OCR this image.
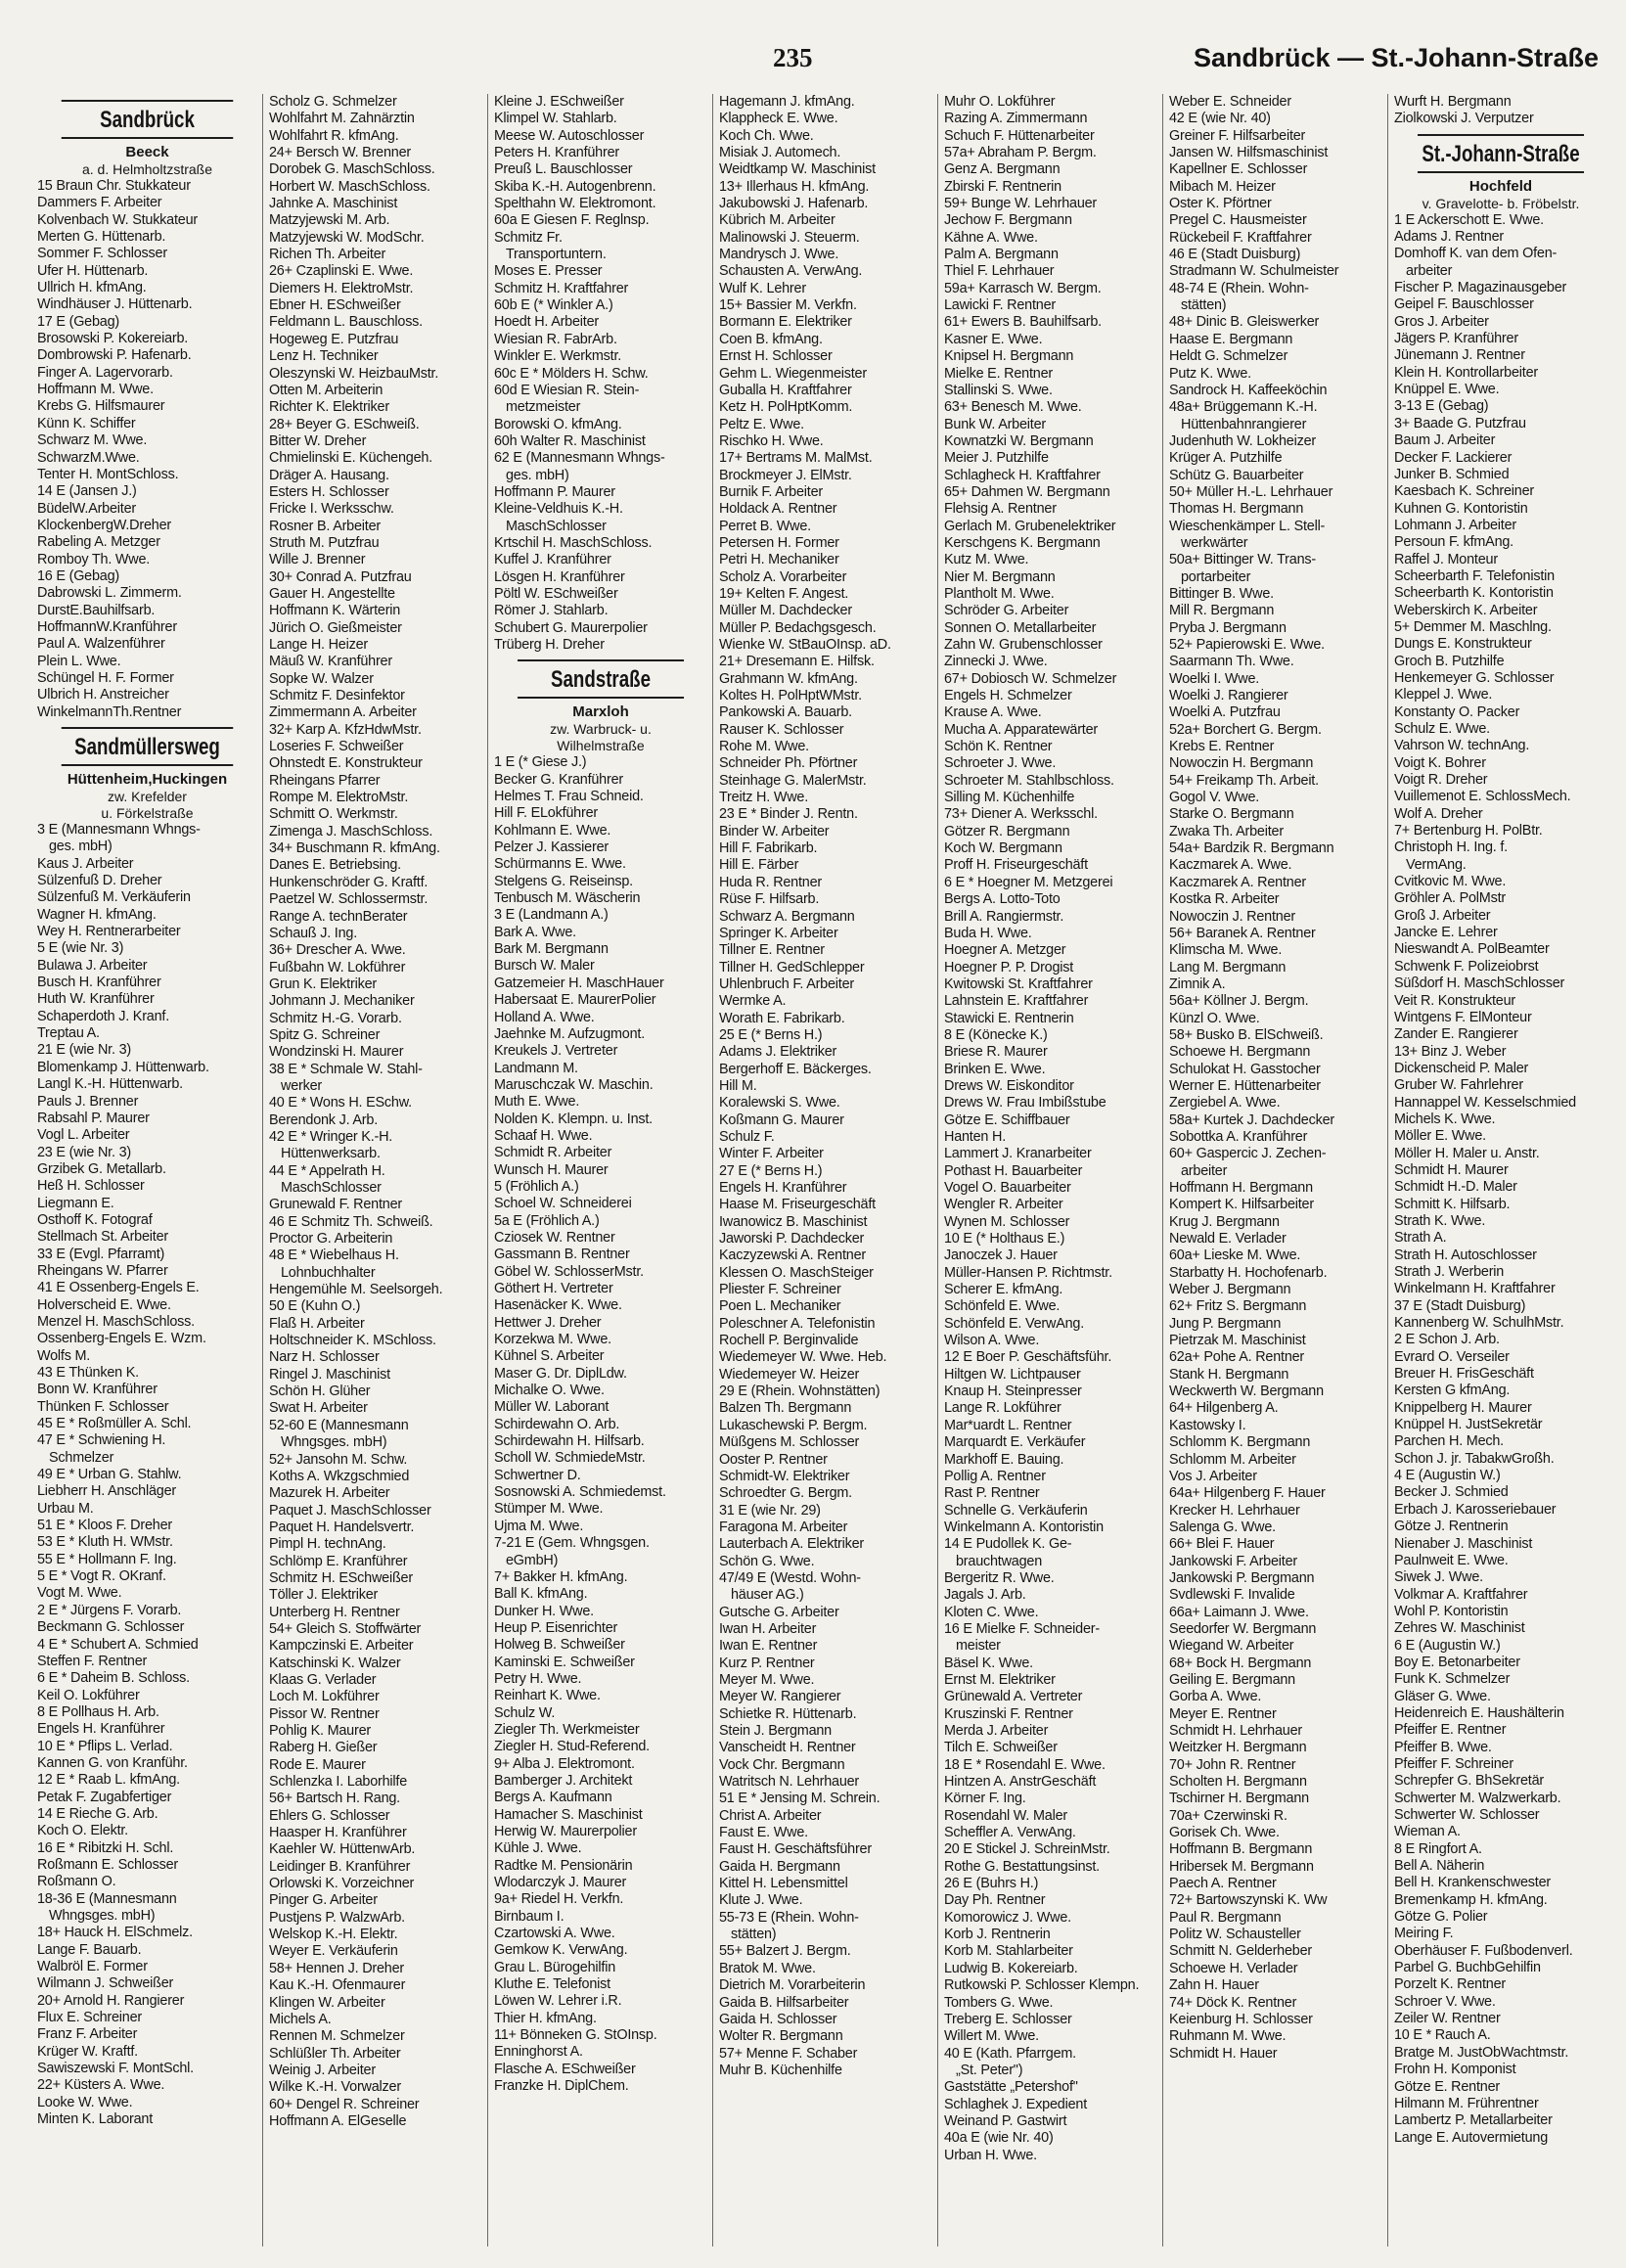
235	Sandbrück — St.-Johann-Straße
Sandbrück
Beeck
a. d. Helmholtzstraße
15 Braun Chr. Stukkateur
Dammers F. Arbeiter
Kolvenbach W. Stukkateur
Merten G. Hüttenarb.
Sommer F. Schlosser
Ufer H. Hüttenarb.
Ullrich H. kfmAng.
Windhäuser J. Hüttenarb.
17 E (Gebag)
Brosowski P. Kokereiarb.
Dombrowski P. Hafenarb.
Finger A. Lagervorarb.
Hoffmann M. Wwe.
Krebs G. Hilfsmaurer
Künn K. Schiffer
Schwarz M. Wwe.
SchwarzM.Wwe.
Tenter H. MontSchloss.
14 E (Jansen J.)
BüdelW.Arbeiter
KlockenbergW.Dreher
Rabeling A. Metzger
Romboy Th. Wwe.
16 E (Gebag)
Dabrowski L. Zimmerm.
DurstE.Bauhilfsarb.
HoffmannW.Kranführer
Paul A. Walzenführer
Plein L. Wwe.
Schüngel H. F. Former
Ulbrich H. Anstreicher
WinkelmannTh.Rentner
Sandmüllersweg
Hüttenheim,Huckingen
zw. Krefelder
u. Förkelstraße
3 E (Mannesmann Whngs-
ges. mbH)
Kaus J. Arbeiter
Sülzenfuß D. Dreher
Sülzenfuß M. Verkäuferin
Wagner H. kfmAng.
Wey H. Rentnerarbeiter
5 E (wie Nr. 3)
Bulawa J. Arbeiter
Busch H. Kranführer
Huth W. Kranführer
Schaperdoth J. Kranf.
Treptau A.
21 E (wie Nr. 3)
Blomenkamp J. Hüttenwarb.
Langl K.-H. Hüttenwarb.
Pauls J. Brenner
Rabsahl P. Maurer
Vogl L. Arbeiter
23 E (wie Nr. 3)
Grzibek G. Metallarb.
Heß H. Schlosser
Liegmann E.
Osthoff K. Fotograf
Stellmach St. Arbeiter
33 E (Evgl. Pfarramt)
Rheingans W. Pfarrer
41 E Ossenberg-Engels E.
Holverscheid E. Wwe.
Menzel H. MaschSchloss.
Ossenberg-Engels E. Wzm.
Wolfs M.
43 E Thünken K.
Bonn W. Kranführer
Thünken F. Schlosser
45 E * Roßmüller A. Schl.
47 E * Schwiening H.
Schmelzer
49 E * Urban G. Stahlw.
Liebherr H. Anschläger
Urbau M.
51 E * Kloos F. Dreher
53 E * Kluth H. WMstr.
55 E * Hollmann F. Ing.
5 E * Vogt R. OKranf.
Vogt M. Wwe.
2 E * Jürgens F. Vorarb.
Beckmann G. Schlosser
4 E * Schubert A. Schmied
Steffen F. Rentner
6 E * Daheim B. Schloss.
Keil O. Lokführer
8 E Pollhaus H. Arb.
Engels H. Kranführer
10 E * Pflips L. Verlad.
Kannen G. von Kranführ.
12 E * Raab L. kfmAng.
Petak F. Zugabfertiger
14 E Rieche G. Arb.
Koch O. Elektr.
16 E * Ribitzki H. Schl.
Roßmann E. Schlosser
Roßmann O.
18-36 E (Mannesmann
Whngsges. mbH)
18+ Hauck H. ElSchmelz.
Lange F. Bauarb.
Walbröl E. Former
Wilmann J. Schweißer
20+ Arnold H. Rangierer
Flux E. Schreiner
Franz F. Arbeiter
Krüger W. Kraftf.
Sawiszewski F. MontSchl.
22+ Küsters A. Wwe.
Looke W. Wwe.
Minten K. Laborant
Scholz G. Schmelzer
Wohlfahrt M. Zahnärztin
Wohlfahrt R. kfmAng.
24+ Bersch W. Brenner
Dorobek G. MaschSchloss.
Horbert W. MaschSchloss.
Jahnke A. Maschinist
Matzyjewski M. Arb.
Matzyjewski W. ModSchr.
Richen Th. Arbeiter
26+ Czaplinski E. Wwe.
Diemers H. ElektroMstr.
Ebner H. ESchweißer
Feldmann L. Bauschloss.
Hogeweg E. Putzfrau
Lenz H. Techniker
Oleszynski W. HeizbauMstr.
Otten M. Arbeiterin
Richter K. Elektriker
28+ Beyer G. ESchweiß.
Bitter W. Dreher
Chmielinski E. Küchengeh.
Dräger A. Hausang.
Esters H. Schlosser
Fricke I. Werksschw.
Rosner B. Arbeiter
Struth M. Putzfrau
Wille J. Brenner
30+ Conrad A. Putzfrau
Gauer H. Angestellte
Hoffmann K. Wärterin
Jürich O. Gießmeister
Lange H. Heizer
Mäuß W. Kranführer
Sopke W. Walzer
Schmitz F. Desinfektor
Zimmermann A. Arbeiter
32+ Karp A. KfzHdwMstr.
Loseries F. Schweißer
Ohnstedt E. Konstrukteur
Rheingans Pfarrer
Rompe M. ElektroMstr.
Schmitt O. Werkmstr.
Zimenga J. MaschSchloss.
34+ Buschmann R. kfmAng.
Danes E. Betriebsing.
Hunkenschröder G. Kraftf.
Paetzel W. Schlossermstr.
Range A. technBerater
Schauß J. Ing.
36+ Drescher A. Wwe.
Fußbahn W. Lokführer
Grun K. Elektriker
Johmann J. Mechaniker
Schmitz H.-G. Vorarb.
Spitz G. Schreiner
Wondzinski H. Maurer
38 E * Schmale W. Stahl-
werker
40 E * Wons H. ESchw.
Berendonk J. Arb.
42 E * Wringer K.-H.
Hüttenwerksarb.
44 E * Appelrath H.
MaschSchlosser
Grunewald F. Rentner
46 E Schmitz Th. Schweiß.
Proctor G. Arbeiterin
48 E * Wiebelhaus H.
Lohnbuchhalter
Hengemühle M. Seelsorgeh.
50 E (Kuhn O.)
Flaß H. Arbeiter
Holtschneider K. MSchloss.
Narz H. Schlosser
Ringel J. Maschinist
Schön H. Glüher
Swat H. Arbeiter
52-60 E (Mannesmann
Whngsges. mbH)
52+ Jansohn M. Schw.
Koths A. Wkzgschmied
Mazurek H. Arbeiter
Paquet J. MaschSchlosser
Paquet H. Handelsvertr.
Pimpl H. technAng.
Schlömp E. Kranführer
Schmitz H. ESchweißer
Töller J. Elektriker
Unterberg H. Rentner
54+ Gleich S. Stoffwärter
Kampczinski E. Arbeiter
Katschinski K. Walzer
Klaas G. Verlader
Loch M. Lokführer
Pissor W. Rentner
Pohlig K. Maurer
Raberg H. Gießer
Rode E. Maurer
Schlenzka I. Laborhilfe
56+ Bartsch H. Rang.
Ehlers G. Schlosser
Haasper H. Kranführer
Kaehler W. HüttenwArb.
Leidinger B. Kranführer
Orlowski K. Vorzeichner
Pinger G. Arbeiter
Pustjens P. WalzwArb.
Welskop K.-H. Elektr.
Weyer E. Verkäuferin
58+ Hennen J. Dreher
Kau K.-H. Ofenmaurer
Klingen W. Arbeiter
Michels A.
Rennen M. Schmelzer
Schlüßler Th. Arbeiter
Weinig J. Arbeiter
Wilke K.-H. Vorwalzer
60+ Dengel R. Schreiner
Hoffmann A. ElGeselle
Kleine J. ESchweißer
Klimpel W. Stahlarb.
Meese W. Autoschlosser
Peters H. Kranführer
Preuß L. Bauschlosser
Skiba K.-H. Autogenbrenn.
Spelthahn W. Elektromont.
60a E Giesen F. Reglnsp.
Schmitz Fr.
Transportuntern.
Moses E. Presser
Schmitz H. Kraftfahrer
60b E (* Winkler A.)
Hoedt H. Arbeiter
Wiesian R. FabrArb.
Winkler E. Werkmstr.
60c E * Mölders H. Schw.
60d E Wiesian R. Stein-
metzmeister
Borowski O. kfmAng.
60h Walter R. Maschinist
62 E (Mannesmann Whngs-
ges. mbH)
Hoffmann P. Maurer
Kleine-Veldhuis K.-H.
MaschSchlosser
Krtschil H. MaschSchloss.
Kuffel J. Kranführer
Lösgen H. Kranführer
Pöltl W. ESchweißer
Römer J. Stahlarb.
Schubert G. Maurerpolier
Trüberg H. Dreher
Sandstraße
Marxloh
zw. Warbruck- u.
Wilhelmstraße
1 E (* Giese J.)
Becker G. Kranführer
Helmes T. Frau Schneid.
Hill F. ELokführer
Kohlmann E. Wwe.
Pelzer J. Kassierer
Schürmanns E. Wwe.
Stelgens G. Reiseinsp.
Tenbusch M. Wäscherin
3 E (Landmann A.)
Bark A. Wwe.
Bark M. Bergmann
Bursch W. Maler
Gatzemeier H. MaschHauer
Habersaat E. MaurerPolier
Holland A. Wwe.
Jaehnke M. Aufzugmont.
Kreukels J. Vertreter
Landmann M.
Maruschczak W. Maschin.
Muth E. Wwe.
Nolden K. Klempn. u. Inst.
Schaaf H. Wwe.
Schmidt R. Arbeiter
Wunsch H. Maurer
5 (Fröhlich A.)
Schoel W. Schneiderei
5a E (Fröhlich A.)
Cziosek W. Rentner
Gassmann B. Rentner
Göbel W. SchlosserMstr.
Göthert H. Vertreter
Hasenäcker K. Wwe.
Hettwer J. Dreher
Korzekwa M. Wwe.
Kühnel S. Arbeiter
Maser G. Dr. DiplLdw.
Michalke O. Wwe.
Müller W. Laborant
Schirdewahn O. Arb.
Schirdewahn H. Hilfsarb.
Scholl W. SchmiedeMstr.
Schwertner D.
Sosnowski A. Schmiedemst.
Stümper M. Wwe.
Ujma M. Wwe.
7-21 E (Gem. Whngsgen.
eGmbH)
7+ Bakker H. kfmAng.
Ball K. kfmAng.
Dunker H. Wwe.
Heup P. Eisenrichter
Holweg B. Schweißer
Kaminski E. Schweißer
Petry H. Wwe.
Reinhart K. Wwe.
Schulz W.
Ziegler Th. Werkmeister
Ziegler H. Stud-Referend.
9+ Alba J. Elektromont.
Bamberger J. Architekt
Bergs A. Kaufmann
Hamacher S. Maschinist
Herwig W. Maurerpolier
Kühle J. Wwe.
Radtke M. Pensionärin
Wlodarczyk J. Maurer
9a+ Riedel H. Verkfn.
Birnbaum I.
Czartowski A. Wwe.
Gemkow K. VerwAng.
Grau L. Bürogehilfin
Kluthe E. Telefonist
Löwen W. Lehrer i.R.
Thier H. kfmAng.
11+ Bönneken G. StOInsp.
Enninghorst A.
Flasche A. ESchweißer
Franzke H. DiplChem.
Hagemann J. kfmAng.
Klappheck E. Wwe.
Koch Ch. Wwe.
Misiak J. Automech.
Weidtkamp W. Maschinist
13+ Illerhaus H. kfmAng.
Jakubowski J. Hafenarb.
Kübrich M. Arbeiter
Malinowski J. Steuerm.
Mandrysch J. Wwe.
Schausten A. VerwAng.
Wulf K. Lehrer
15+ Bassier M. Verkfn.
Bormann E. Elektriker
Coen B. kfmAng.
Ernst H. Schlosser
Gehm L. Wiegenmeister
Guballa H. Kraftfahrer
Ketz H. PolHptKomm.
Peltz E. Wwe.
Rischko H. Wwe.
17+ Bertrams M. MalMst.
Brockmeyer J. ElMstr.
Burnik F. Arbeiter
Holdack A. Rentner
Perret B. Wwe.
Petersen H. Former
Petri H. Mechaniker
Scholz A. Vorarbeiter
19+ Kelten F. Angest.
Müller M. Dachdecker
Müller P. Bedachgsgesch.
Wienke W. StBauOInsp. aD.
21+ Dresemann E. Hilfsk.
Grahmann W. kfmAng.
Koltes H. PolHptWMstr.
Pankowski A. Bauarb.
Rauser K. Schlosser
Rohe M. Wwe.
Schneider Ph. Pförtner
Steinhage G. MalerMstr.
Treitz H. Wwe.
23 E * Binder J. Rentn.
Binder W. Arbeiter
Hill F. Fabrikarb.
Hill E. Färber
Huda R. Rentner
Rüse F. Hilfsarb.
Schwarz A. Bergmann
Springer K. Arbeiter
Tillner E. Rentner
Tillner H. GedSchlepper
Uhlenbruch F. Arbeiter
Wermke A.
Worath E. Fabrikarb.
25 E (* Berns H.)
Adams J. Elektriker
Bergerhoff E. Bäckerges.
Hill M.
Koralewski S. Wwe.
Koßmann G. Maurer
Schulz F.
Winter F. Arbeiter
27 E (* Berns H.)
Engels H. Kranführer
Haase M. Friseurgeschäft
Iwanowicz B. Maschinist
Jaworski P. Dachdecker
Kaczyzewski A. Rentner
Klessen O. MaschSteiger
Pliester F. Schreiner
Poen L. Mechaniker
Poleschner A. Telefonistin
Rochell P. Berginvalide
Wiedemeyer W. Wwe. Heb.
Wiedemeyer W. Heizer
29 E (Rhein. Wohnstätten)
Balzen Th. Bergmann
Lukaschewski P. Bergm.
Müßgens M. Schlosser
Ooster P. Rentner
Schmidt-W. Elektriker
Schroedter G. Bergm.
31 E (wie Nr. 29)
Faragona M. Arbeiter
Lauterbach A. Elektriker
Schön G. Wwe.
47/49 E (Westd. Wohn-
häuser AG.)
Gutsche G. Arbeiter
Iwan H. Arbeiter
Iwan E. Rentner
Kurz P. Rentner
Meyer M. Wwe.
Meyer W. Rangierer
Schietke R. Hüttenarb.
Stein J. Bergmann
Vanscheidt H. Rentner
Vock Chr. Bergmann
Watritsch N. Lehrhauer
51 E * Jensing M. Schrein.
Christ A. Arbeiter
Faust E. Wwe.
Faust H. Geschäftsführer
Gaida H. Bergmann
Kittel H. Lebensmittel
Klute J. Wwe.
55-73 E (Rhein. Wohn-
stätten)
55+ Balzert J. Bergm.
Bratok M. Wwe.
Dietrich M. Vorarbeiterin
Gaida B. Hilfsarbeiter
Gaida H. Schlosser
Wolter R. Bergmann
57+ Menne F. Schaber
Muhr B. Küchenhilfe
Muhr O. Lokführer
Razing A. Zimmermann
Schuch F. Hüttenarbeiter
57a+ Abraham P. Bergm.
Genz A. Bergmann
Zbirski F. Rentnerin
59+ Bunge W. Lehrhauer
Jechow F. Bergmann
Kähne A. Wwe.
Palm A. Bergmann
Thiel F. Lehrhauer
59a+ Karrasch W. Bergm.
Lawicki F. Rentner
61+ Ewers B. Bauhilfsarb.
Kasner E. Wwe.
Knipsel H. Bergmann
Mielke E. Rentner
Stallinski S. Wwe.
63+ Benesch M. Wwe.
Bunk W. Arbeiter
Kownatzki W. Bergmann
Meier J. Putzhilfe
Schlagheck H. Kraftfahrer
65+ Dahmen W. Bergmann
Flehsig A. Rentner
Gerlach M. Grubenelektriker
Kerschgens K. Bergmann
Kutz M. Wwe.
Nier M. Bergmann
Plantholt M. Wwe.
Schröder G. Arbeiter
Sonnen O. Metallarbeiter
Zahn W. Grubenschlosser
Zinnecki J. Wwe.
67+ Dobiosch W. Schmelzer
Engels H. Schmelzer
Krause A. Wwe.
Mucha A. Apparatewärter
Schön K. Rentner
Schroeter J. Wwe.
Schroeter M. Stahlbschloss.
Silling M. Küchenhilfe
73+ Diener A. Werksschl.
Götzer R. Bergmann
Koch W. Bergmann
Proff H. Friseurgeschäft
6 E * Hoegner M. Metzgerei
Bergs A. Lotto-Toto
Brill A. Rangiermstr.
Buda H. Wwe.
Hoegner A. Metzger
Hoegner P. P. Drogist
Kwitowski St. Kraftfahrer
Lahnstein E. Kraftfahrer
Stawicki E. Rentnerin
8 E (Könecke K.)
Briese R. Maurer
Brinken E. Wwe.
Drews W. Eiskonditor
Drews W. Frau Imbißstube
Götze E. Schiffbauer
Hanten H.
Lammert J. Kranarbeiter
Pothast H. Bauarbeiter
Vogel O. Bauarbeiter
Wengler R. Arbeiter
Wynen M. Schlosser
10 E (* Holthaus E.)
Janoczek J. Hauer
Müller-Hansen P. Richtmstr.
Scherer E. kfmAng.
Schönfeld E. Wwe.
Schönfeld E. VerwAng.
Wilson A. Wwe.
12 E Boer P. Geschäftsführ.
Hiltgen W. Lichtpauser
Knaup H. Steinpresser
Lange R. Lokführer
Mar*uardt L. Rentner
Marquardt E. Verkäufer
Markhoff E. Bauing.
Pollig A. Rentner
Rast P. Rentner
Schnelle G. Verkäuferin
Winkelmann A. Kontoristin
14 E Pudollek K. Ge-
brauchtwagen
Bergeritz R. Wwe.
Jagals J. Arb.
Kloten C. Wwe.
16 E Mielke F. Schneider-
meister
Bäsel K. Wwe.
Ernst M. Elektriker
Grünewald A. Vertreter
Kruszinski F. Rentner
Merda J. Arbeiter
Tilch E. Schweißer
18 E * Rosendahl E. Wwe.
Hintzen A. AnstrGeschäft
Körner F. Ing.
Rosendahl W. Maler
Scheffler A. VerwAng.
20 E Stickel J. SchreinMstr.
Rothe G. Bestattungsinst.
26 E (Buhrs H.)
Day Ph. Rentner
Komorowicz J. Wwe.
Korb J. Rentnerin
Korb M. Stahlarbeiter
Ludwig B. Kokereiarb.
Rutkowski P. Schlosser Klempn.
Tombers G. Wwe.
Treberg E. Schlosser
Willert M. Wwe.
40 E (Kath. Pfarrgem.
„St. Peter")
Gaststätte „Petershof"
Schlaghek J. Expedient
Weinand P. Gastwirt
40a E (wie Nr. 40)
Urban H. Wwe.
Weber E. Schneider
42 E (wie Nr. 40)
Greiner F. Hilfsarbeiter
Jansen W. Hilfsmaschinist
Kapellner E. Schlosser
Mibach M. Heizer
Oster K. Pförtner
Pregel C. Hausmeister
Rückebeil F. Kraftfahrer
46 E (Stadt Duisburg)
Stradmann W. Schulmeister
48-74 E (Rhein. Wohn-
stätten)
48+ Dinic B. Gleiswerker
Haase E. Bergmann
Heldt G. Schmelzer
Putz K. Wwe.
Sandrock H. Kaffeeköchin
48a+ Brüggemann K.-H.
Hüttenbahnrangierer
Judenhuth W. Lokheizer
Krüger A. Putzhilfe
Schütz G. Bauarbeiter
50+ Müller H.-L. Lehrhauer
Thomas H. Bergmann
Wieschenkämper L. Stell-
werkwärter
50a+ Bittinger W. Trans-
portarbeiter
Bittinger B. Wwe.
Mill R. Bergmann
Pryba J. Bergmann
52+ Papierowski E. Wwe.
Saarmann Th. Wwe.
Woelki I. Wwe.
Woelki J. Rangierer
Woelki A. Putzfrau
52a+ Borchert G. Bergm.
Krebs E. Rentner
Nowoczin H. Bergmann
54+ Freikamp Th. Arbeit.
Gogol V. Wwe.
Starke O. Bergmann
Zwaka Th. Arbeiter
54a+ Bardzik R. Bergmann
Kaczmarek A. Wwe.
Kaczmarek A. Rentner
Kostka R. Arbeiter
Nowoczin J. Rentner
56+ Baranek A. Rentner
Klimscha M. Wwe.
Lang M. Bergmann
Zimnik A.
56a+ Köllner J. Bergm.
Künzl O. Wwe.
58+ Busko B. ElSchweiß.
Schoewe H. Bergmann
Schulokat H. Gasstocher
Werner E. Hüttenarbeiter
Zergiebel A. Wwe.
58a+ Kurtek J. Dachdecker
Sobottka A. Kranführer
60+ Gaspercic J. Zechen-
arbeiter
Hoffmann H. Bergmann
Kompert K. Hilfsarbeiter
Krug J. Bergmann
Newald E. Verlader
60a+ Lieske M. Wwe.
Starbatty H. Hochofenarb.
Weber J. Bergmann
62+ Fritz S. Bergmann
Jung P. Bergmann
Pietrzak M. Maschinist
62a+ Pohe A. Rentner
Stank H. Bergmann
Weckwerth W. Bergmann
64+ Hilgenberg A.
Kastowsky I.
Schlomm K. Bergmann
Schlomm M. Arbeiter
Vos J. Arbeiter
64a+ Hilgenberg F. Hauer
Krecker H. Lehrhauer
Salenga G. Wwe.
66+ Blei F. Hauer
Jankowski F. Arbeiter
Jankowski P. Bergmann
Svdlewski F. Invalide
66a+ Laimann J. Wwe.
Seedorfer W. Bergmann
Wiegand W. Arbeiter
68+ Bock H. Bergmann
Geiling E. Bergmann
Gorba A. Wwe.
Meyer E. Rentner
Schmidt H. Lehrhauer
Weitzker H. Bergmann
70+ John R. Rentner
Scholten H. Bergmann
Tschirner H. Bergmann
70a+ Czerwinski R.
Gorisek Ch. Wwe.
Hoffmann B. Bergmann
Hribersek M. Bergmann
Paech A. Rentner
72+ Bartowszynski K. Ww
Paul R. Bergmann
Politz W. Schausteller
Schmitt N. Gelderheber
Schoewe H. Verlader
Zahn H. Hauer
74+ Döck K. Rentner
Keienburg H. Schlosser
Ruhmann M. Wwe.
Schmidt H. Hauer
Wurft H. Bergmann
Ziolkowski J. Verputzer
St.-Johann-Straße
Hochfeld
v. Gravelotte- b. Fröbelstr.
1 E Ackerschott E. Wwe.
Adams J. Rentner
Domhoff K. van dem Ofen-
arbeiter
Fischer P. Magazinausgeber
Geipel F. Bauschlosser
Gros J. Arbeiter
Jägers P. Kranführer
Jünemann J. Rentner
Klein H. Kontrollarbeiter
Knüppel E. Wwe.
3-13 E (Gebag)
3+ Baade G. Putzfrau
Baum J. Arbeiter
Decker F. Lackierer
Junker B. Schmied
Kaesbach K. Schreiner
Kuhnen G. Kontoristin
Lohmann J. Arbeiter
Persoun F. kfmAng.
Raffel J. Monteur
Scheerbarth F. Telefonistin
Scheerbarth K. Kontoristin
Weberskirch K. Arbeiter
5+ Demmer M. Maschlng.
Dungs E. Konstrukteur
Groch B. Putzhilfe
Henkemeyer G. Schlosser
Kleppel J. Wwe.
Konstanty O. Packer
Schulz E. Wwe.
Vahrson W. technAng.
Voigt K. Bohrer
Voigt R. Dreher
Vuillemenot E. SchlossMech.
Wolf A. Dreher
7+ Bertenburg H. PolBtr.
Christoph H. Ing. f.
VermAng.
Cvitkovic M. Wwe.
Gröhler A. PolMstr
Groß J. Arbeiter
Jancke E. Lehrer
Nieswandt A. PolBeamter
Schwenk F. Polizeiobrst
Süßdorf H. MaschSchlosser
Veit R. Konstrukteur
Wintgens F. ElMonteur
Zander E. Rangierer
13+ Binz J. Weber
Dickenscheid P. Maler
Gruber W. Fahrlehrer
Hannappel W. Kesselschmied
Michels K. Wwe.
Möller E. Wwe.
Möller H. Maler u. Anstr.
Schmidt H. Maurer
Schmidt H.-D. Maler
Schmitt K. Hilfsarb.
Strath K. Wwe.
Strath A.
Strath H. Autoschlosser
Strath J. Werberin
Winkelmann H. Kraftfahrer
37 E (Stadt Duisburg)
Kannenberg W. SchulhMstr.
2 E Schon J. Arb.
Evrard O. Verseiler
Breuer H. FrisGeschäft
Kersten G kfmAng.
Knippelberg H. Maurer
Knüppel H. JustSekretär
Parchen H. Mech.
Schon J. jr. TabakwGroßh.
4 E (Augustin W.)
Becker J. Schmied
Erbach J. Karosseriebauer
Götze J. Rentnerin
Nienaber J. Maschinist
Paulnweit E. Wwe.
Siwek J. Wwe.
Volkmar A. Kraftfahrer
Wohl P. Kontoristin
Zehres W. Maschinist
6 E (Augustin W.)
Boy E. Betonarbeiter
Funk K. Schmelzer
Gläser G. Wwe.
Heidenreich E. Haushälterin
Pfeiffer E. Rentner
Pfeiffer B. Wwe.
Pfeiffer F. Schreiner
Schrepfer G. BhSekretär
Schwerter M. Walzwerkarb.
Schwerter W. Schlosser
Wieman A.
8 E Ringfort A.
Bell A. Näherin
Bell H. Krankenschwester
Bremenkamp H. kfmAng.
Götze G. Polier
Meiring F.
Oberhäuser F. Fußbodenverl.
Parbel G. BuchbGehilfin
Porzelt K. Rentner
Schroer V. Wwe.
Zeiler W. Rentner
10 E * Rauch A.
Bratge M. JustObWachtmstr.
Frohn H. Komponist
Götze E. Rentner
Hilmann M. Frührentner
Lambertz P. Metallarbeiter
Lange E. Autovermietung
